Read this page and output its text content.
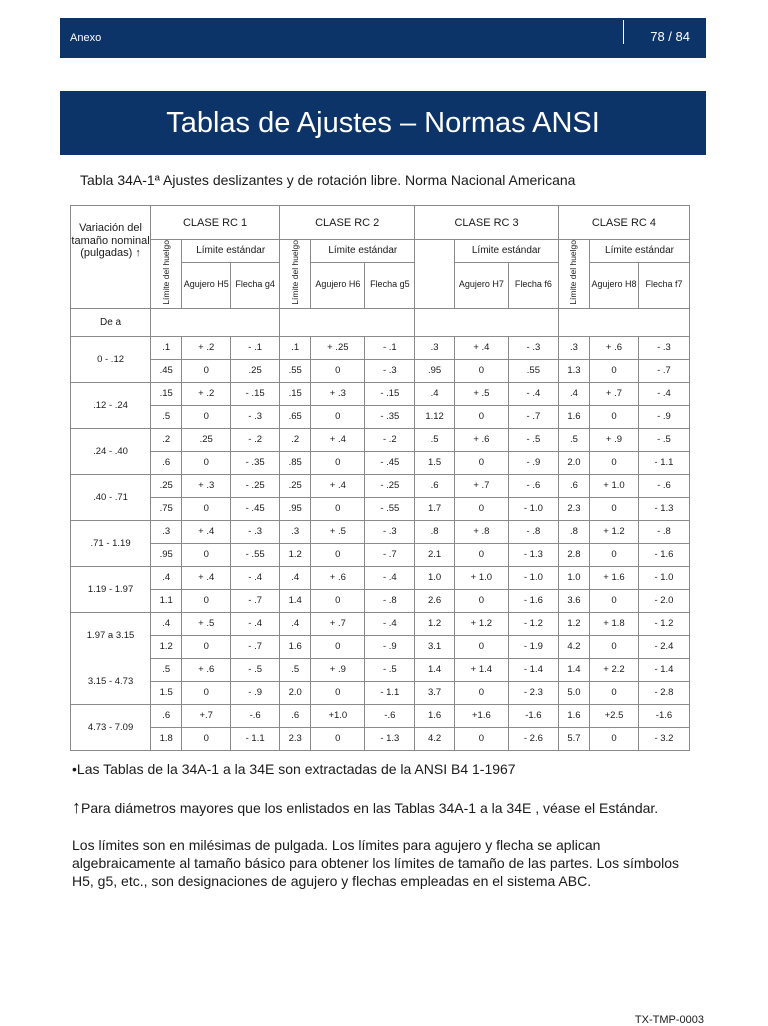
Anexo	78 / 84
Tablas de Ajustes – Normas ANSI
Tabla 34A-1ª Ajustes deslizantes y de rotación libre. Norma Nacional Americana
Variación del tamaño nominal (pulgadas) ↑	CLASE RC 1			CLASE RC 2			CLASE RC 3			CLASE RC 4		
	Límite del huelgo	Límite estándar		Límite del huelgo	Límite estándar			Límite estándar		Límite del huelgo	Límite estándar	
		Agujero H5	Flecha g4		Agujero H6	Flecha g5		Agujero H7	Flecha f6		Agujero H8	Flecha f7
De a												
0 - .12	.1	+ .2	- .1	.1	+ .25	- .1	.3	+ .4	- .3	.3	+ .6	- .3
	.45	0	.25	.55	0	- .3	.95	0	.55	1.3	0	- .7
.12 - .24	.15	+ .2	- .15	.15	+ .3	- .15	.4	+ .5	- .4	.4	+ .7	- .4
	.5	0	- .3	.65	0	- .35	1.12	0	- .7	1.6	0	- .9
.24 - .40	.2	.25	- .2	.2	+ .4	- .2	.5	+ .6	- .5	.5	+ .9	- .5
	.6	0	- .35	.85	0	- .45	1.5	0	- .9	2.0	0	- 1.1
.40 - .71	.25	+ .3	- .25	.25	+ .4	- .25	.6	+ .7	- .6	.6	+ 1.0	- .6
	.75	0	- .45	.95	0	- .55	1.7	0	- 1.0	2.3	0	- 1.3
.71 - 1.19	.3	+ .4	- .3	.3	+ .5	- .3	.8	+ .8	- .8	.8	+ 1.2	- .8
	.95	0	- .55	1.2	0	- .7	2.1	0	- 1.3	2.8	0	- 1.6
1.19 - 1.97	.4	+ .4	- .4	.4	+ .6	- .4	1.0	+ 1.0	- 1.0	1.0	+ 1.6	- 1.0
	1.1	0	- .7	1.4	0	- .8	2.6	0	- 1.6	3.6	0	- 2.0
1.97 a 3.15	.4	+ .5	- .4	.4	+ .7	- .4	1.2	+ 1.2	- 1.2	1.2	+ 1.8	- 1.2
	1.2	0	- .7	1.6	0	- .9	3.1	0	- 1.9	4.2	0	- 2.4
3.15 - 4.73	.5	+ .6	- .5	.5	+ .9	- .5	1.4	+ 1.4	- 1.4	1.4	+ 2.2	- 1.4
	1.5	0	- .9	2.0	0	- 1.1	3.7	0	- 2.3	5.0	0	- 2.8
4.73 - 7.09	.6	+.7	-.6	.6	+1.0	-.6	1.6	+1.6	-1.6	1.6	+2.5	-1.6
	1.8	0	- 1.1	2.3	0	- 1.3	4.2	0	- 2.6	5.7	0	- 3.2
•Las Tablas de la 34A-1 a la 34E son extractadas de la ANSI B4 1-1967
↑Para diámetros mayores que los enlistados en las Tablas 34A-1 a la 34E , véase el Estándar.
Los límites son en milésimas de pulgada. Los límites para agujero y flecha se aplican algebraicamente al tamaño básico para obtener los límites de tamaño de las partes. Los símbolos H5, g5, etc., son designaciones de agujero y flechas empleadas en el sistema ABC.
TX-TMP-0003
